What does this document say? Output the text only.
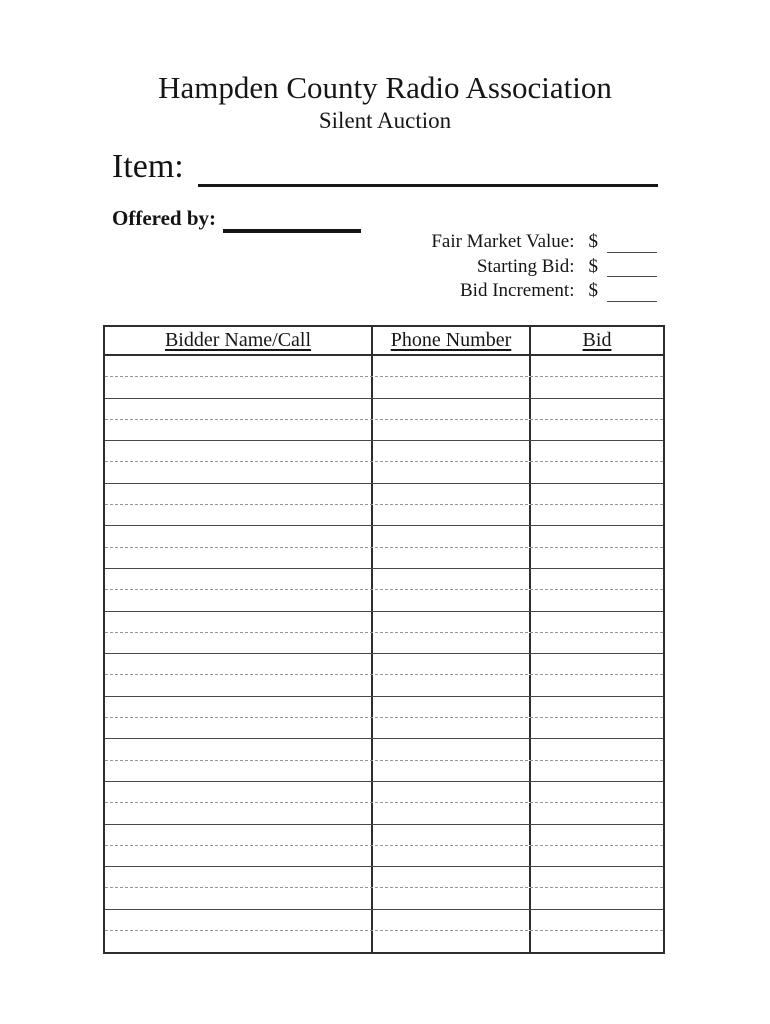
Hampden County Radio Association
Silent Auction
Item:
Offered by:
Fair Market Value: $
Starting Bid: $
Bid Increment: $
Bidder Name/Call	Phone Number	Bid
